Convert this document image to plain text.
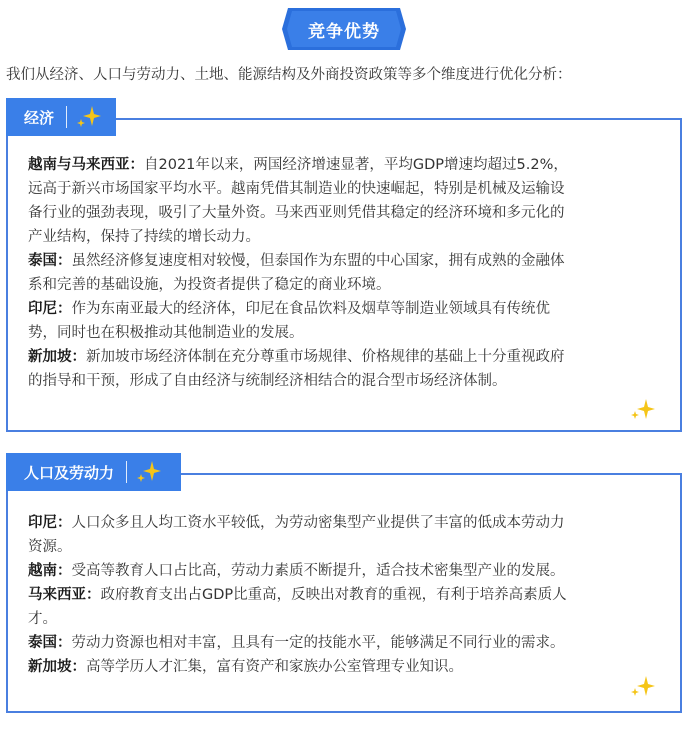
竞争优势
我们从经济、人口与劳动力、土地、能源结构及外商投资政策等多个维度进行优化分析：
经济

越南与马来西亚：自2021年以来，两国经济增速显著，平均GDP增速均超过5.2%，

远高于新兴市场国家平均水平。越南凭借其制造业的快速崛起，特别是机械及运输设

备行业的强劲表现，吸引了大量外资。马来西亚则凭借其稳定的经济环境和多元化的

产业结构，保持了持续的增长动力。

泰国：虽然经济修复速度相对较慢，但泰国作为东盟的中心国家，拥有成熟的金融体

系和完善的基础设施，为投资者提供了稳定的商业环境。

印尼：作为东南亚最大的经济体，印尼在食品饮料及烟草等制造业领域具有传统优

势，同时也在积极推动其他制造业的发展。

新加坡：新加坡市场经济体制在充分尊重市场规律、价格规律的基础上十分重视政府

的指导和干预，形成了自由经济与统制经济相结合的混合型市场经济体制。

人口及劳动力

印尼：人口众多且人均工资水平较低，为劳动密集型产业提供了丰富的低成本劳动力

资源。

越南：受高等教育人口占比高，劳动力素质不断提升，适合技术密集型产业的发展。

马来西亚：政府教育支出占GDP比重高，反映出对教育的重视，有利于培养高素质人

才。

泰国：劳动力资源也相对丰富，且具有一定的技能水平，能够满足不同行业的需求。

新加坡：高等学历人才汇集，富有资产和家族办公室管理专业知识。
